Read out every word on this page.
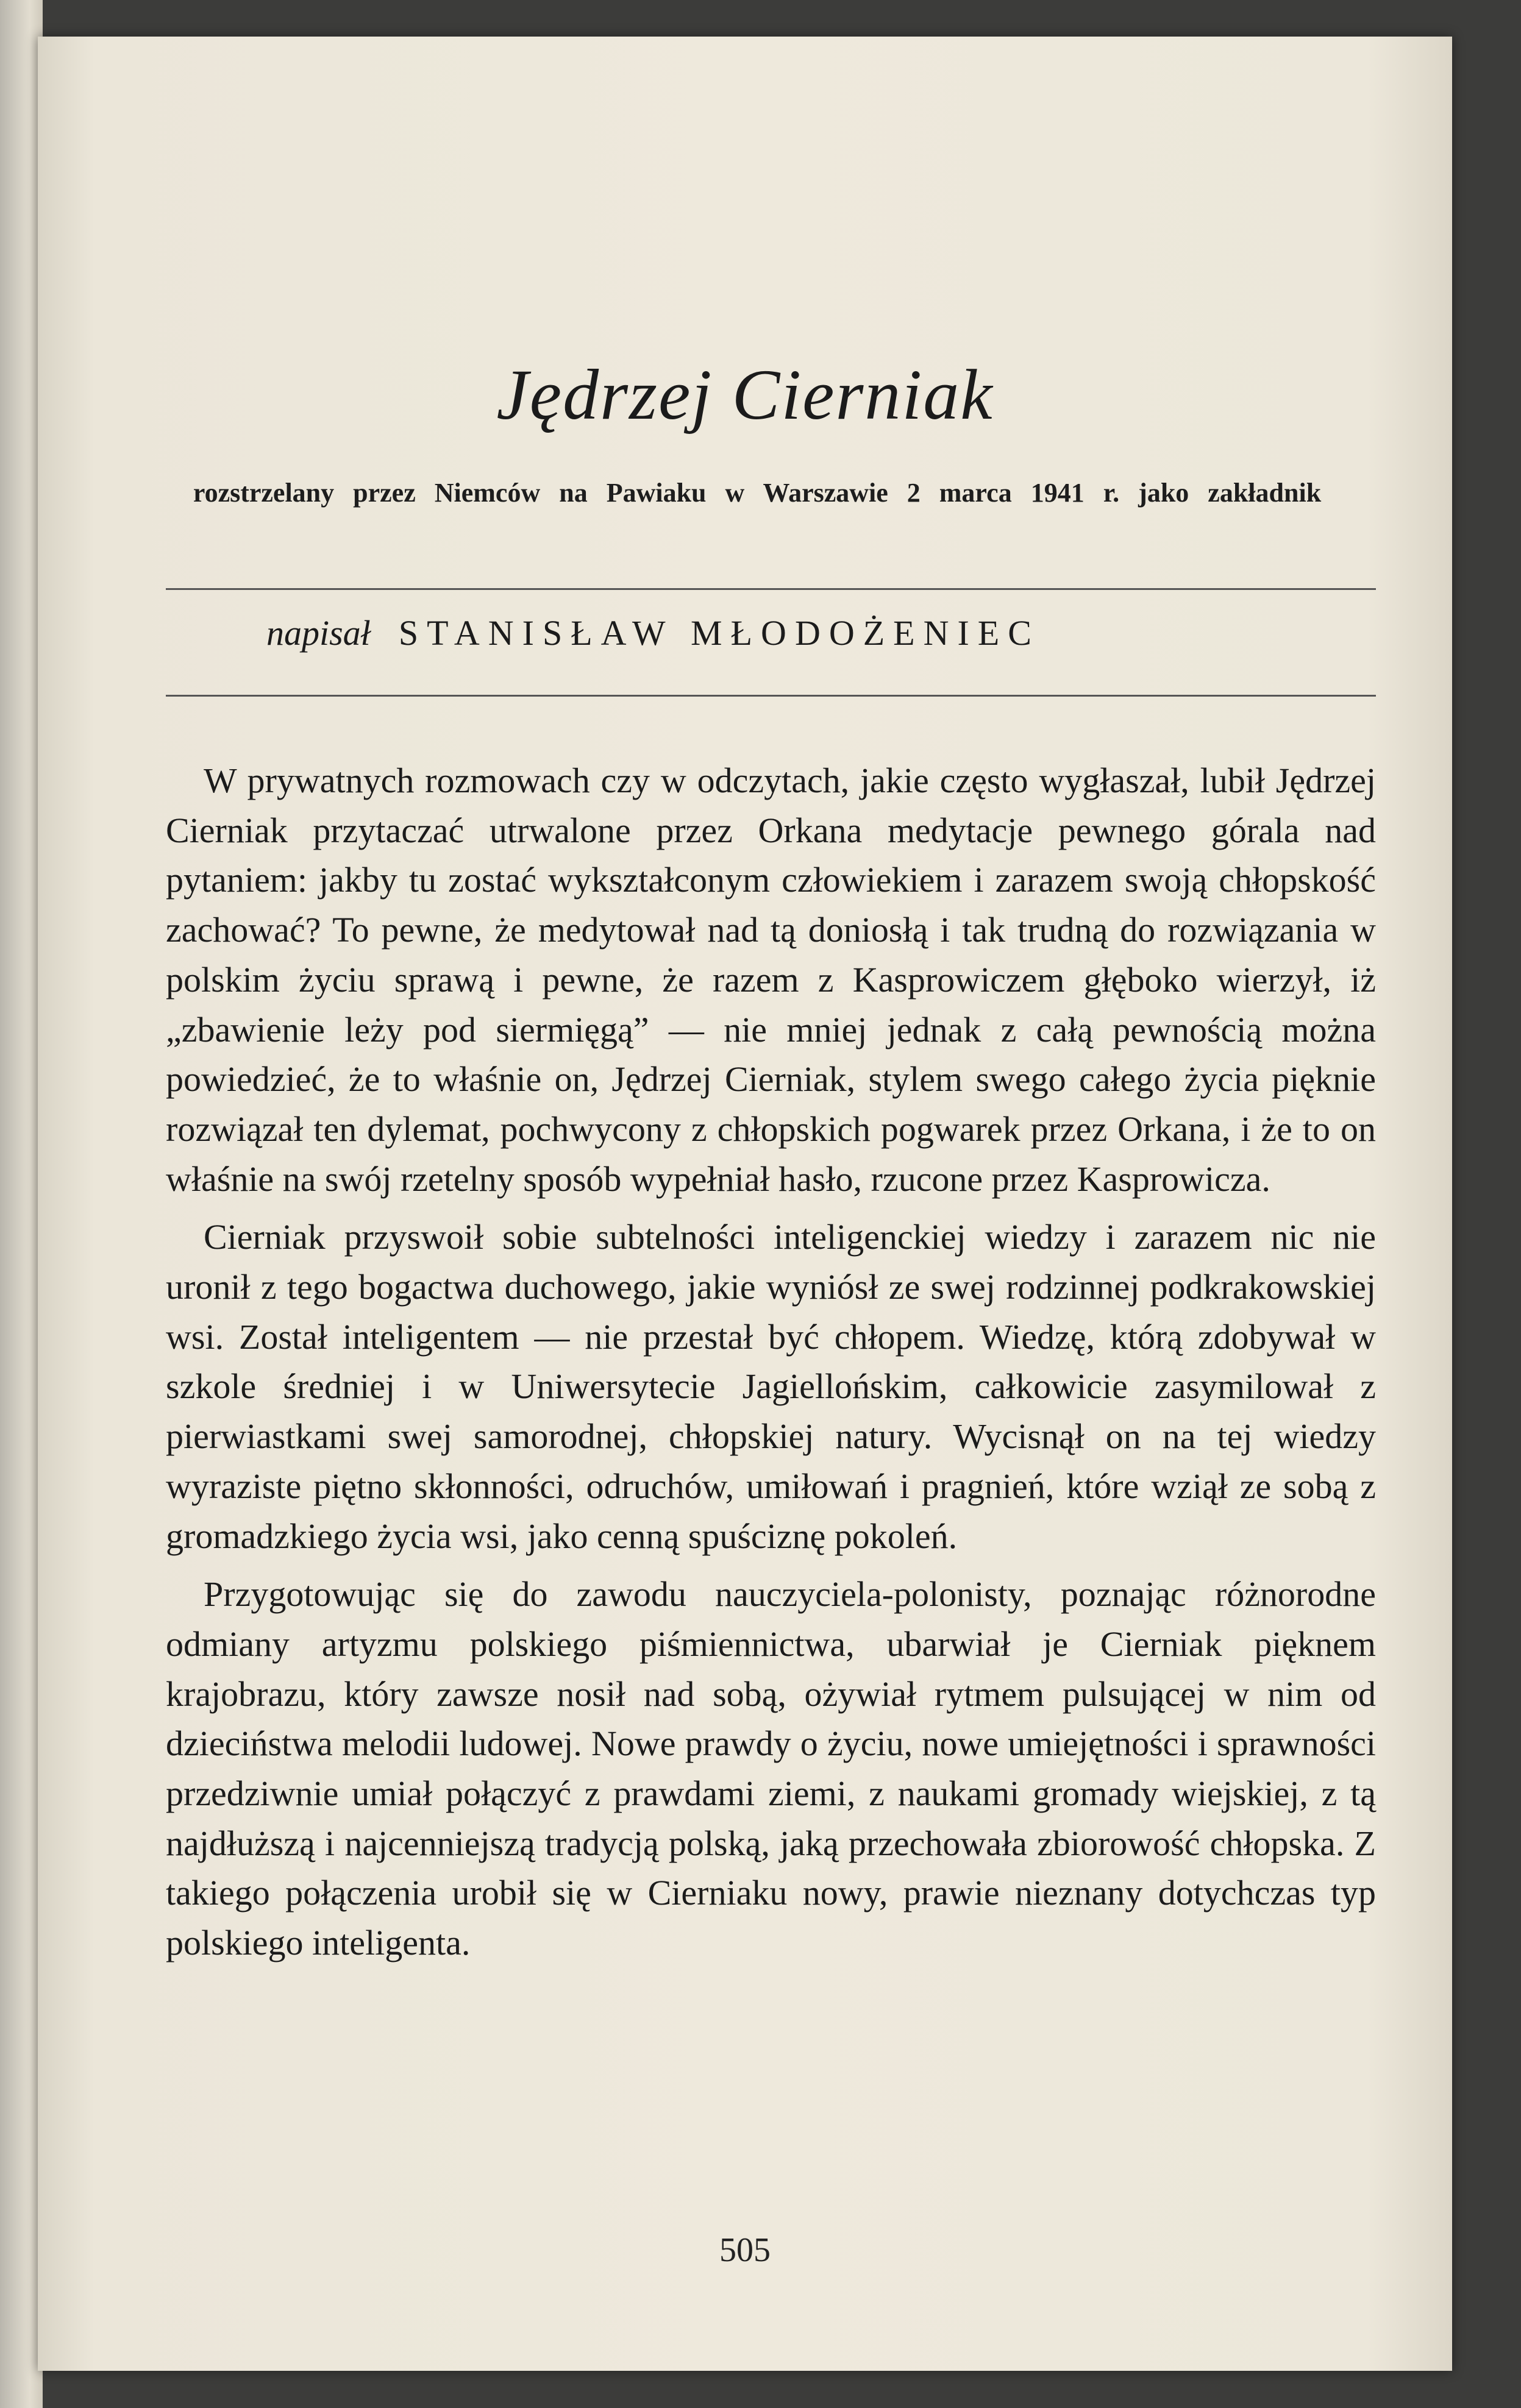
Jędrzej Cierniak
rozstrzelany przez Niemców na Pawiaku w Warszawie 2 marca 1941 r. jako zakładnik
napisał STANISŁAW MŁODOŻENIEC

W prywatnych rozmowach czy w odczytach, jakie często wygłaszał, lubił Jędrzej Cierniak przytaczać utrwalone przez Orkana medytacje pewnego górala nad pytaniem: jakby tu zostać wykształconym człowiekiem i zarazem swoją chłopskość zachować? To pewne, że medytował nad tą doniosłą i tak trudną do rozwiązania w polskim życiu sprawą i pewne, że razem z Kasprowiczem głęboko wierzył, iż „zbawienie leży pod siermięgą” — nie mniej jednak z całą pewnością można powiedzieć, że to właśnie on, Jędrzej Cierniak, stylem swego całego życia pięknie rozwiązał ten dylemat, pochwycony z chłopskich pogwarek przez Orkana, i że to on właśnie na swój rzetelny sposób wypełniał hasło, rzucone przez Kasprowicza.

Cierniak przyswoił sobie subtelności inteligenckiej wiedzy i zarazem nic nie uronił z tego bogactwa duchowego, jakie wyniósł ze swej rodzinnej podkrakowskiej wsi. Został inteligentem — nie przestał być chłopem. Wiedzę, którą zdobywał w szkole średniej i w Uniwersytecie Jagiellońskim, całkowicie zasymilował z pierwiastkami swej samorodnej, chłopskiej natury. Wycisnął on na tej wiedzy wyraziste piętno skłonności, odruchów, umiłowań i pragnień, które wziął ze sobą z gromadzkiego życia wsi, jako cenną spuściznę pokoleń.

Przygotowując się do zawodu nauczyciela-polonisty, poznając różnorodne odmiany artyzmu polskiego piśmiennictwa, ubarwiał je Cierniak pięknem krajobrazu, który zawsze nosił nad sobą, ożywiał rytmem pulsującej w nim od dzieciństwa melodii ludowej. Nowe prawdy o życiu, nowe umiejętności i sprawności przedziwnie umiał połączyć z prawdami ziemi, z naukami gromady wiejskiej, z tą najdłuższą i najcenniejszą tradycją polską, jaką przechowała zbiorowość chłopska. Z takiego połączenia urobił się w Cierniaku nowy, prawie nieznany dotychczas typ polskiego inteligenta.

505
